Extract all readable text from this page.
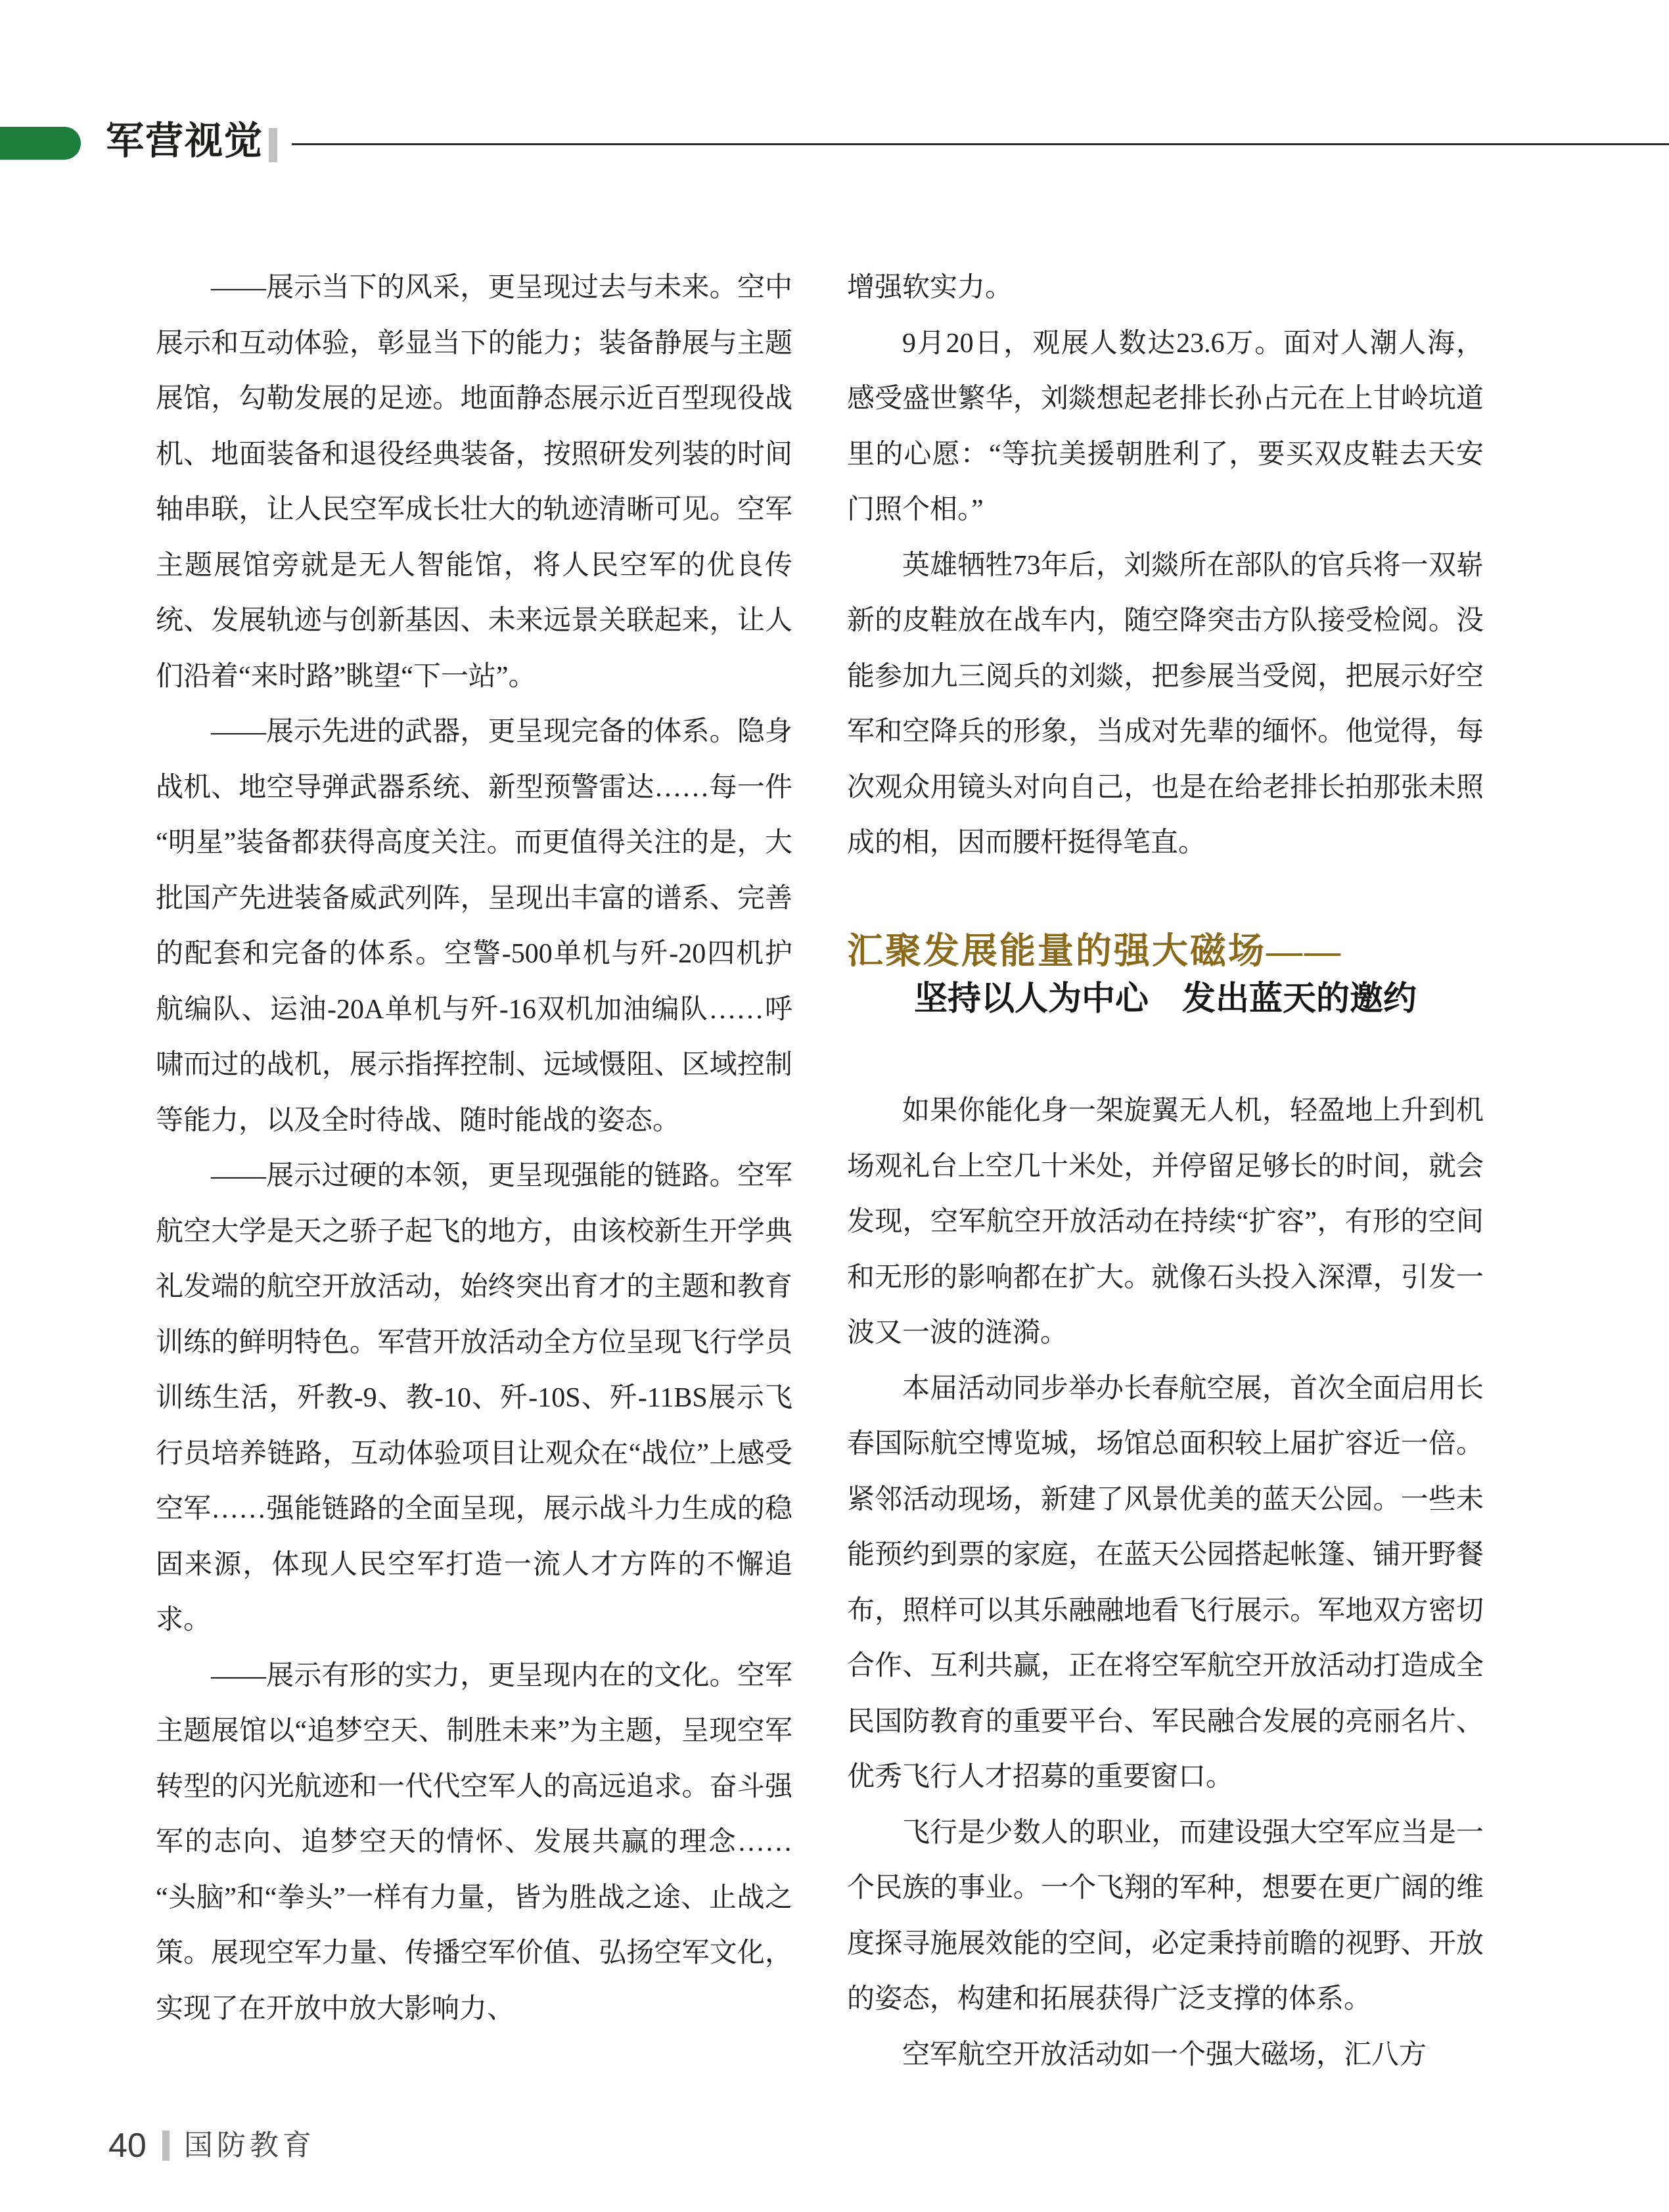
军营视觉

——展示当下的风采，更呈现过去与未来。空中展示和互动体验，彰显当下的能力；装备静展与主题展馆，勾勒发展的足迹。地面静态展示近百型现役战机、地面装备和退役经典装备，按照研发列装的时间轴串联，让人民空军成长壮大的轨迹清晰可见。空军主题展馆旁就是无人智能馆，将人民空军的优良传统、发展轨迹与创新基因、未来远景关联起来，让人们沿着“来时路”眺望“下一站”。

——展示先进的武器，更呈现完备的体系。隐身战机、地空导弹武器系统、新型预警雷达……每一件“明星”装备都获得高度关注。而更值得关注的是，大批国产先进装备威武列阵，呈现出丰富的谱系、完善的配套和完备的体系。空警-500单机与歼-20四机护航编队、运油-20A单机与歼-16双机加油编队……呼啸而过的战机，展示指挥控制、远域慑阻、区域控制等能力，以及全时待战、随时能战的姿态。

——展示过硬的本领，更呈现强能的链路。空军航空大学是天之骄子起飞的地方，由该校新生开学典礼发端的航空开放活动，始终突出育才的主题和教育训练的鲜明特色。军营开放活动全方位呈现飞行学员训练生活，歼教-9、教-10、歼-10S、歼-11BS展示飞行员培养链路，互动体验项目让观众在“战位”上感受空军……强能链路的全面呈现，展示战斗力生成的稳固来源，体现人民空军打造一流人才方阵的不懈追求。

——展示有形的实力，更呈现内在的文化。空军主题展馆以“追梦空天、制胜未来”为主题，呈现空军转型的闪光航迹和一代代空军人的高远追求。奋斗强军的志向、追梦空天的情怀、发展共赢的理念……“头脑”和“拳头”一样有力量，皆为胜战之途、止战之策。展现空军力量、传播空军价值、弘扬空军文化，实现了在开放中放大影响力、

增强软实力。

9月20日，观展人数达23.6万。面对人潮人海，感受盛世繁华，刘燚想起老排长孙占元在上甘岭坑道里的心愿：“等抗美援朝胜利了，要买双皮鞋去天安门照个相。”

英雄牺牲73年后，刘燚所在部队的官兵将一双崭新的皮鞋放在战车内，随空降突击方队接受检阅。没能参加九三阅兵的刘燚，把参展当受阅，把展示好空军和空降兵的形象，当成对先辈的缅怀。他觉得，每次观众用镜头对向自己，也是在给老排长拍那张未照成的相，因而腰杆挺得笔直。

汇聚发展能量的强大磁场——
坚持以人为中心　发出蓝天的邀约

如果你能化身一架旋翼无人机，轻盈地上升到机场观礼台上空几十米处，并停留足够长的时间，就会发现，空军航空开放活动在持续“扩容”，有形的空间和无形的影响都在扩大。就像石头投入深潭，引发一波又一波的涟漪。

本届活动同步举办长春航空展，首次全面启用长春国际航空博览城，场馆总面积较上届扩容近一倍。紧邻活动现场，新建了风景优美的蓝天公园。一些未能预约到票的家庭，在蓝天公园搭起帐篷、铺开野餐布，照样可以其乐融融地看飞行展示。军地双方密切合作、互利共赢，正在将空军航空开放活动打造成全民国防教育的重要平台、军民融合发展的亮丽名片、优秀飞行人才招募的重要窗口。

飞行是少数人的职业，而建设强大空军应当是一个民族的事业。一个飞翔的军种，想要在更广阔的维度探寻施展效能的空间，必定秉持前瞻的视野、开放的姿态，构建和拓展获得广泛支撑的体系。

空军航空开放活动如一个强大磁场，汇八方

40 国防教育
